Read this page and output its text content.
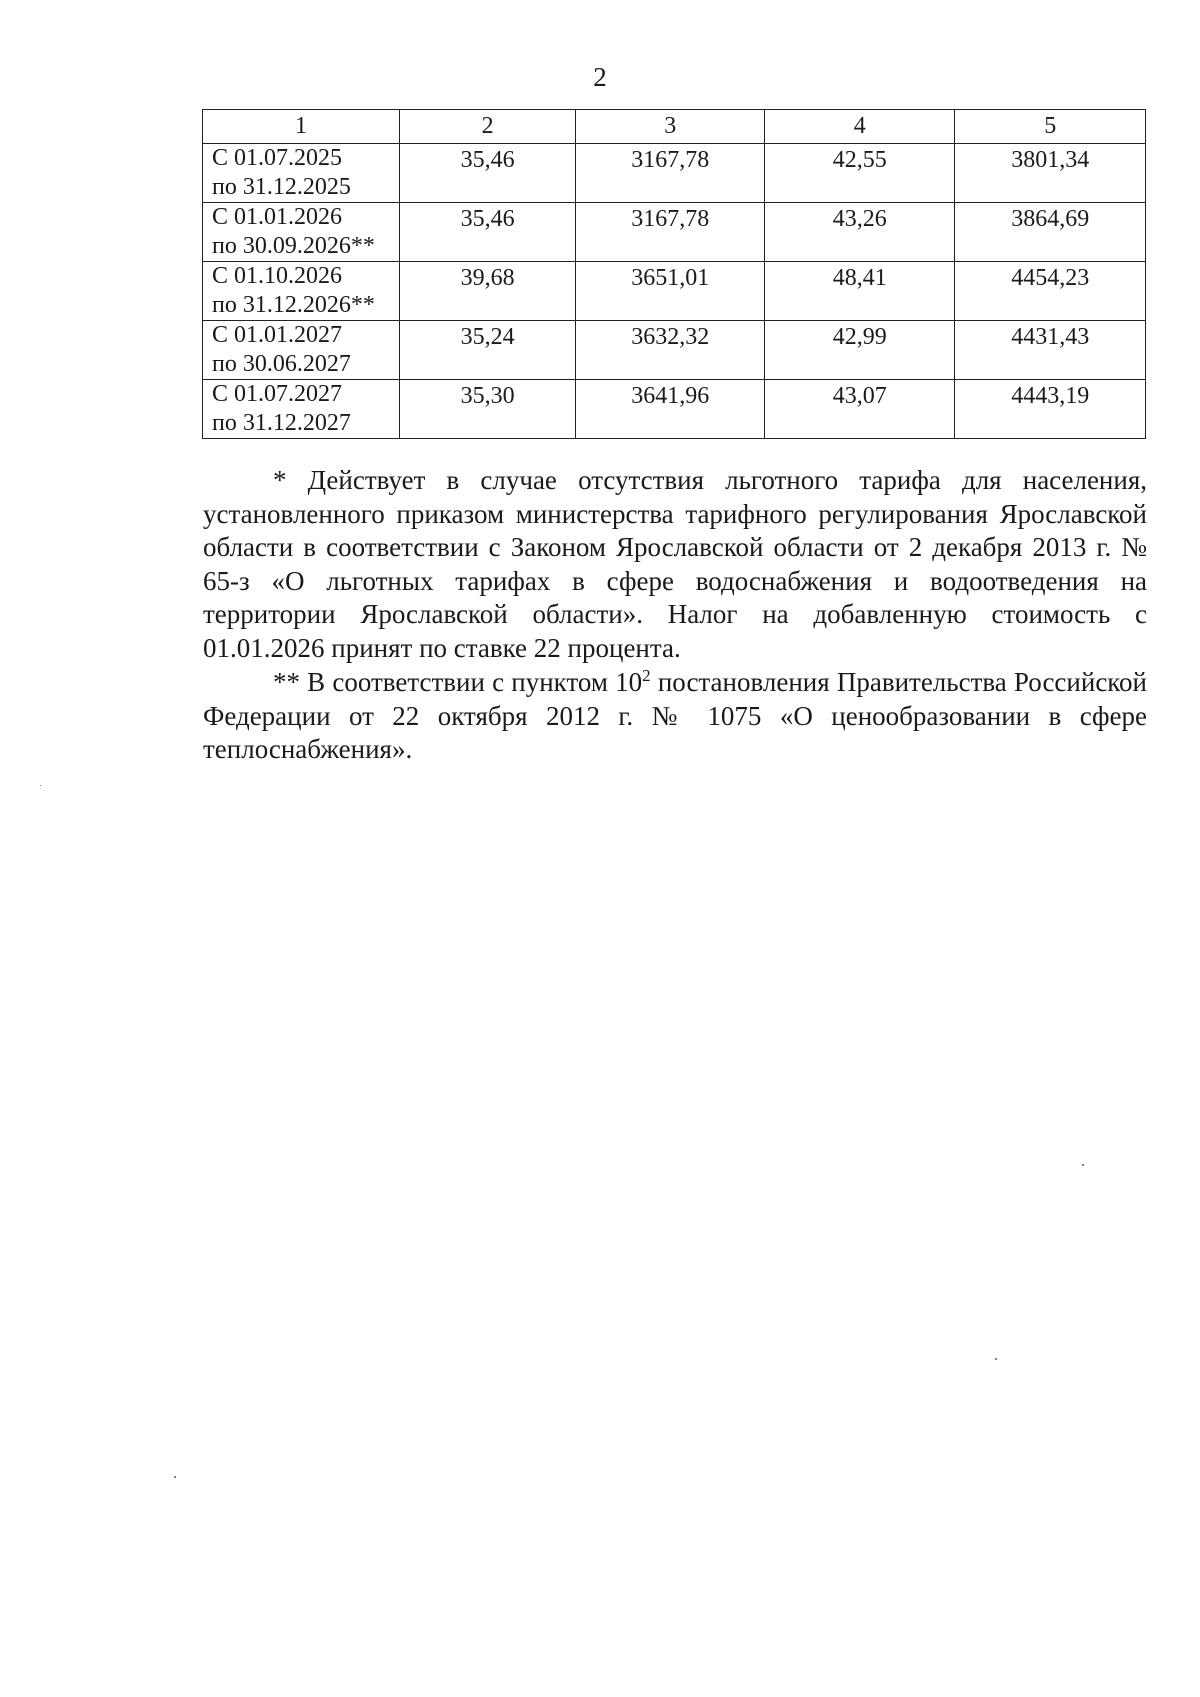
2
1	2	3	4	5

С 01.07.2025
по 31.12.2025	35,46	3167,78	42,55	3801,34

С 01.01.2026
по 30.09.2026**	35,46	3167,78	43,26	3864,69

С 01.10.2026
по 31.12.2026**	39,68	3651,01	48,41	4454,23

С 01.01.2027
по 30.06.2027	35,24	3632,32	42,99	4431,43

С 01.07.2027
по 31.12.2027	35,30	3641,96	43,07	4443,19

* Действует в случае отсутствия льготного тарифа для населения, установленного приказом министерства тарифного регулирования Ярославской области в соответствии с Законом Ярославской области от 2 декабря 2013 г. № 65-з «О льготных тарифах в сфере водоснабжения и водоотведения на территории Ярославской области». Налог на добавленную стоимость с 01.01.2026 принят по ставке 22 процента.

** В соответствии с пунктом $10^2$ постановления Правительства Российской Федерации от 22 октября 2012 г. № 1075 «О ценообразовании в сфере теплоснабжения».
